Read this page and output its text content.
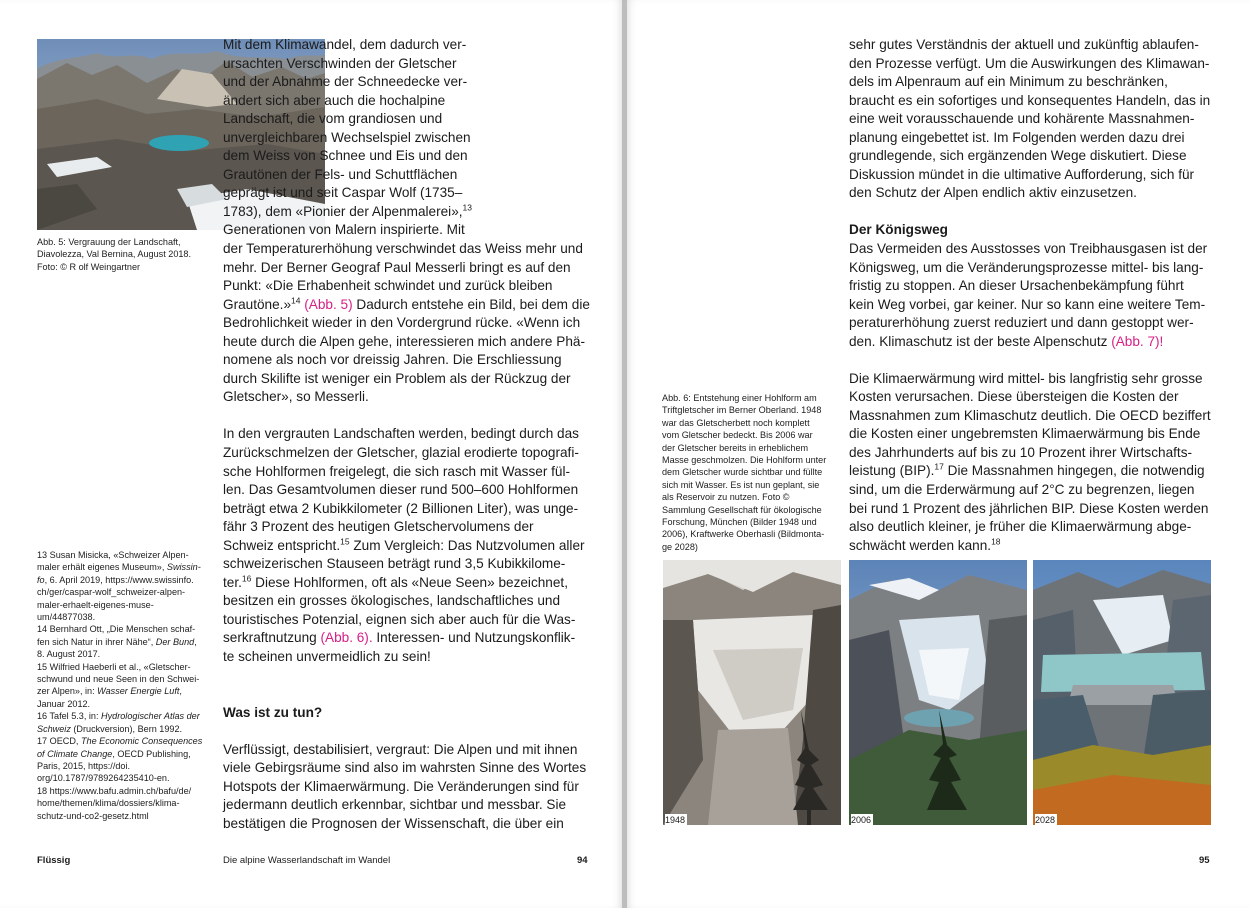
Abb. 5: Vergrauung der Landschaft,
Diavolezza, Val Bernina, August 2018.
Foto: © R olf Weingartner

Mit dem Klimawandel, dem dadurch ver-
ursachten Verschwinden der Gletscher
und der Abnahme der Schneedecke ver-
ändert sich aber auch die hochalpine
Landschaft, die vom grandiosen und
unvergleichbaren Wechselspiel zwischen
dem Weiss von Schnee und Eis und den
Grautönen der Fels- und Schuttflächen
geprägt ist und seit Caspar Wolf (1735–
1783), dem «Pionier der Alpenmalerei»,$^{13}$
Generationen von Malern inspirierte. Mit
der Temperaturerhöhung verschwindet das Weiss mehr und
mehr. Der Berner Geograf Paul Messerli bringt es auf den
Punkt: «Die Erhabenheit schwindet und zurück bleiben
Grautöne.»$^{14}$ (Abb. 5) Dadurch entstehe ein Bild, bei dem die
Bedrohlichkeit wieder in den Vordergrund rücke. «Wenn ich
heute durch die Alpen gehe, interessieren mich andere Phä-
nomene als noch vor dreissig Jahren. Die Erschliessung
durch Skilifte ist weniger ein Problem als der Rückzug der
Gletscher», so Messerli.

In den vergrauten Landschaften werden, bedingt durch das
Zurückschmelzen der Gletscher, glazial erodierte topografi-
sche Hohlformen freigelegt, die sich rasch mit Wasser fül-
len. Das Gesamtvolumen dieser rund 500–600 Hohlformen
beträgt etwa 2 Kubikkilometer (2 Billionen Liter), was unge-
fähr 3 Prozent des heutigen Gletschervolumens der
Schweiz entspricht.$^{15}$ Zum Vergleich: Das Nutzvolumen aller
schweizerischen Stauseen beträgt rund 3,5 Kubikkilome-
ter.$^{16}$ Diese Hohlformen, oft als «Neue Seen» bezeichnet,
besitzen ein grosses ökologisches, landschaftliches und
touristisches Potenzial, eignen sich aber auch für die Was-
serkraftnutzung (Abb. 6). Interessen- und Nutzungskonflik-
te scheinen unvermeidlich zu sein!

Was ist zu tun?

Verflüssigt, destabilisiert, vergraut: Die Alpen und mit ihnen
viele Gebirgsräume sind also im wahrsten Sinne des Wortes
Hotspots der Klimaerwärmung. Die Veränderungen sind für
jedermann deutlich erkennbar, sichtbar und messbar. Sie
bestätigen die Prognosen der Wissenschaft, die über ein

13 Susan Misicka, «Schweizer Alpen-
maler erhält eigenes Museum», Swissin-
fo, 6. April 2019, https://www.swissinfo.
ch/ger/caspar-wolf_schweizer-alpen-
maler-erhaelt-eigenes-muse-
um/44877038.

14 Bernhard Ott, „Die Menschen schaf-
fen sich Natur in ihrer Nähe“, Der Bund,
8. August 2017.

15 Wilfried Haeberli et al., «Gletscher-
schwund und neue Seen in den Schwei-
zer Alpen», in: Wasser Energie Luft,
Januar 2012.

16 Tafel 5.3, in: Hydrologischer Atlas der
Schweiz (Druckversion), Bern 1992.

17 OECD, The Economic Consequences
of Climate Change, OECD Publishing,
Paris, 2015, https://doi.
org/10.1787/9789264235410-en.

18 https://www.bafu.admin.ch/bafu/de/
home/themen/klima/dossiers/klima-
schutz-und-co2-gesetz.html

Flüssig	Die alpine Wasserlandschaft im Wandel	94

sehr gutes Verständnis der aktuell und zukünftig ablaufen-
den Prozesse verfügt. Um die Auswirkungen des Klimawan-
dels im Alpenraum auf ein Minimum zu beschränken,
braucht es ein sofortiges und konsequentes Handeln, das in
eine weit vorausschauende und kohärente Massnahmen-
planung eingebettet ist. Im Folgenden werden dazu drei
grundlegende, sich ergänzenden Wege diskutiert. Diese
Diskussion mündet in die ultimative Aufforderung, sich für
den Schutz der Alpen endlich aktiv einzusetzen.

Der Königsweg

Das Vermeiden des Ausstosses von Treibhausgasen ist der
Königsweg, um die Veränderungsprozesse mittel- bis lang-
fristig zu stoppen. An dieser Ursachenbekämpfung führt
kein Weg vorbei, gar keiner. Nur so kann eine weitere Tem-
peraturerhöhung zuerst reduziert und dann gestoppt wer-
den. Klimaschutz ist der beste Alpenschutz (Abb. 7)!

Die Klimaerwärmung wird mittel- bis langfristig sehr grosse
Kosten verursachen. Diese übersteigen die Kosten der
Massnahmen zum Klimaschutz deutlich. Die OECD beziffert
die Kosten einer ungebremsten Klimaerwärmung bis Ende
des Jahrhunderts auf bis zu 10 Prozent ihrer Wirtschafts-
leistung (BIP).$^{17}$ Die Massnahmen hingegen, die notwendig
sind, um die Erderwärmung auf 2°C zu begrenzen, liegen
bei rund 1 Prozent des jährlichen BIP. Diese Kosten werden
also deutlich kleiner, je früher die Klimaerwärmung abge-
schwächt werden kann.$^{18}$

Abb. 6: Entstehung einer Hohlform am
Triftgletscher im Berner Oberland. 1948
war das Gletscherbett noch komplett
vom Gletscher bedeckt. Bis 2006 war
der Gletscher bereits in erheblichem
Masse geschmolzen. Die Hohlform unter
dem Gletscher wurde sichtbar und füllte
sich mit Wasser. Es ist nun geplant, sie
als Reservoir zu nutzen. Foto ©
Sammlung Gesellschaft für ökologische
Forschung, München (Bilder 1948 und
2006), Kraftwerke Oberhasli (Bildmonta-
ge 2028)

1948	2006	2028
95
